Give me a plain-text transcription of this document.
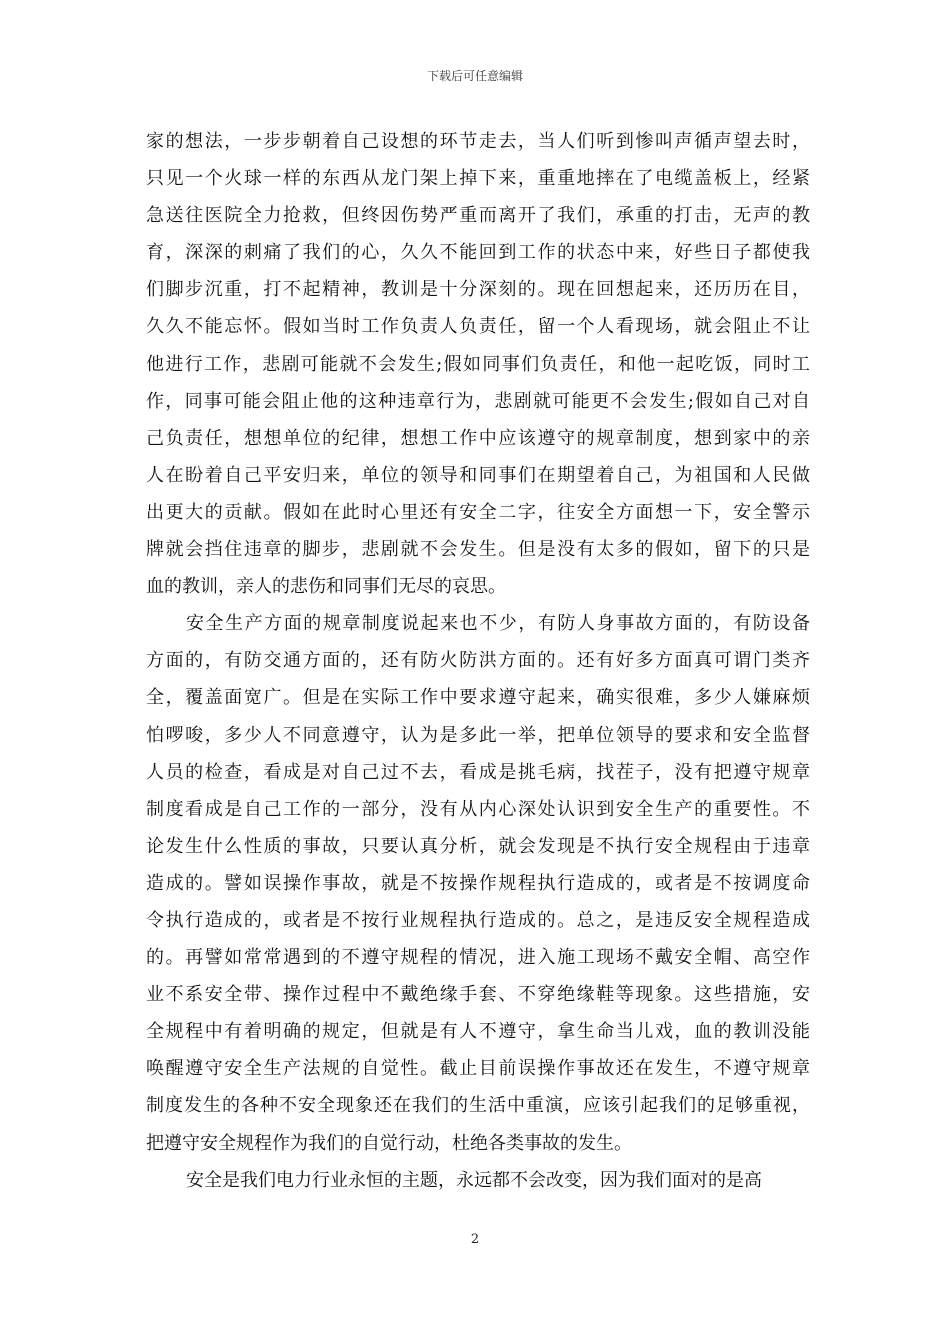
下载后可任意编辑
家的想法，一步步朝着自己设想的环节走去，当人们听到惨叫声循声望去时，
只见一个火球一样的东西从龙门架上掉下来，重重地摔在了电缆盖板上，经紧
急送往医院全力抢救，但终因伤势严重而离开了我们，承重的打击，无声的教
育，深深的刺痛了我们的心，久久不能回到工作的状态中来，好些日子都使我
们脚步沉重，打不起精神，教训是十分深刻的。现在回想起来，还历历在目，
久久不能忘怀。假如当时工作负责人负责任，留一个人看现场，就会阻止不让
他进行工作，悲剧可能就不会发生;假如同事们负责任，和他一起吃饭，同时工
作，同事可能会阻止他的这种违章行为，悲剧就可能更不会发生;假如自己对自
己负责任，想想单位的纪律，想想工作中应该遵守的规章制度，想到家中的亲
人在盼着自己平安归来，单位的领导和同事们在期望着自己，为祖国和人民做
出更大的贡献。假如在此时心里还有安全二字，往安全方面想一下，安全警示
牌就会挡住违章的脚步，悲剧就不会发生。但是没有太多的假如，留下的只是
血的教训，亲人的悲伤和同事们无尽的哀思。
安全生产方面的规章制度说起来也不少，有防人身事故方面的，有防设备
方面的，有防交通方面的，还有防火防洪方面的。还有好多方面真可谓门类齐
全，覆盖面宽广。但是在实际工作中要求遵守起来，确实很难，多少人嫌麻烦
怕啰唆，多少人不同意遵守，认为是多此一举，把单位领导的要求和安全监督
人员的检查，看成是对自己过不去，看成是挑毛病，找茬子，没有把遵守规章
制度看成是自己工作的一部分，没有从内心深处认识到安全生产的重要性。不
论发生什么性质的事故，只要认真分析，就会发现是不执行安全规程由于违章
造成的。譬如误操作事故，就是不按操作规程执行造成的，或者是不按调度命
令执行造成的，或者是不按行业规程执行造成的。总之，是违反安全规程造成
的。再譬如常常遇到的不遵守规程的情况，进入施工现场不戴安全帽、高空作
业不系安全带、操作过程中不戴绝缘手套、不穿绝缘鞋等现象。这些措施，安
全规程中有着明确的规定，但就是有人不遵守，拿生命当儿戏，血的教训没能
唤醒遵守安全生产法规的自觉性。截止目前误操作事故还在发生，不遵守规章
制度发生的各种不安全现象还在我们的生活中重演，应该引起我们的足够重视，
把遵守安全规程作为我们的自觉行动，杜绝各类事故的发生。
安全是我们电力行业永恒的主题，永远都不会改变，因为我们面对的是高
2
